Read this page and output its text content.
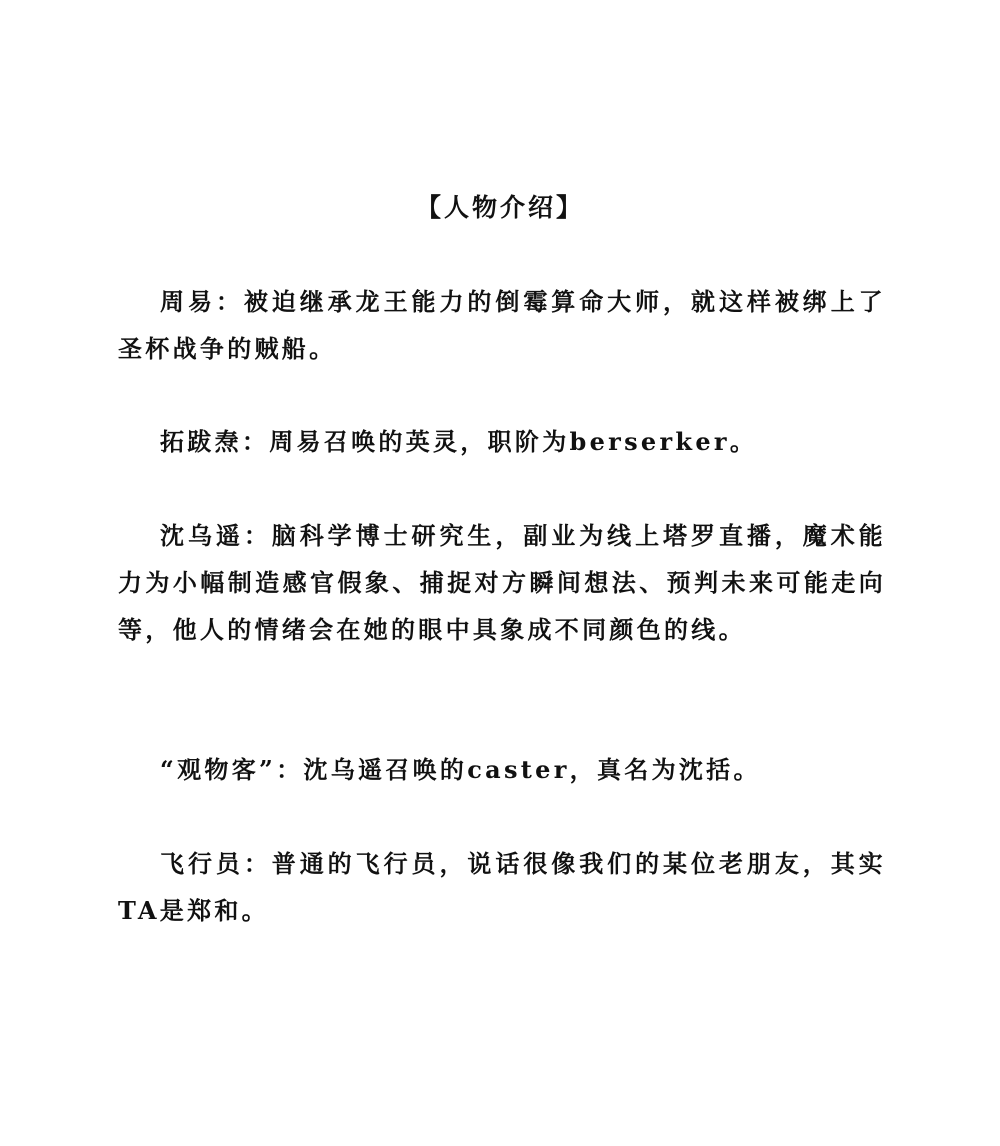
【人物介绍】

周易：被迫继承龙王能力的倒霉算命大师，就这样被绑上了圣杯战争的贼船。

拓跋焘：周易召唤的英灵，职阶为berserker。

沈乌遥：脑科学博士研究生，副业为线上塔罗直播，魔术能力为小幅制造感官假象、捕捉对方瞬间想法、预判未来可能走向等，他人的情绪会在她的眼中具象成不同颜色的线。

“观物客”：沈乌遥召唤的caster，真名为沈括。

飞行员：普通的飞行员，说话很像我们的某位老朋友，其实TA是郑和。
